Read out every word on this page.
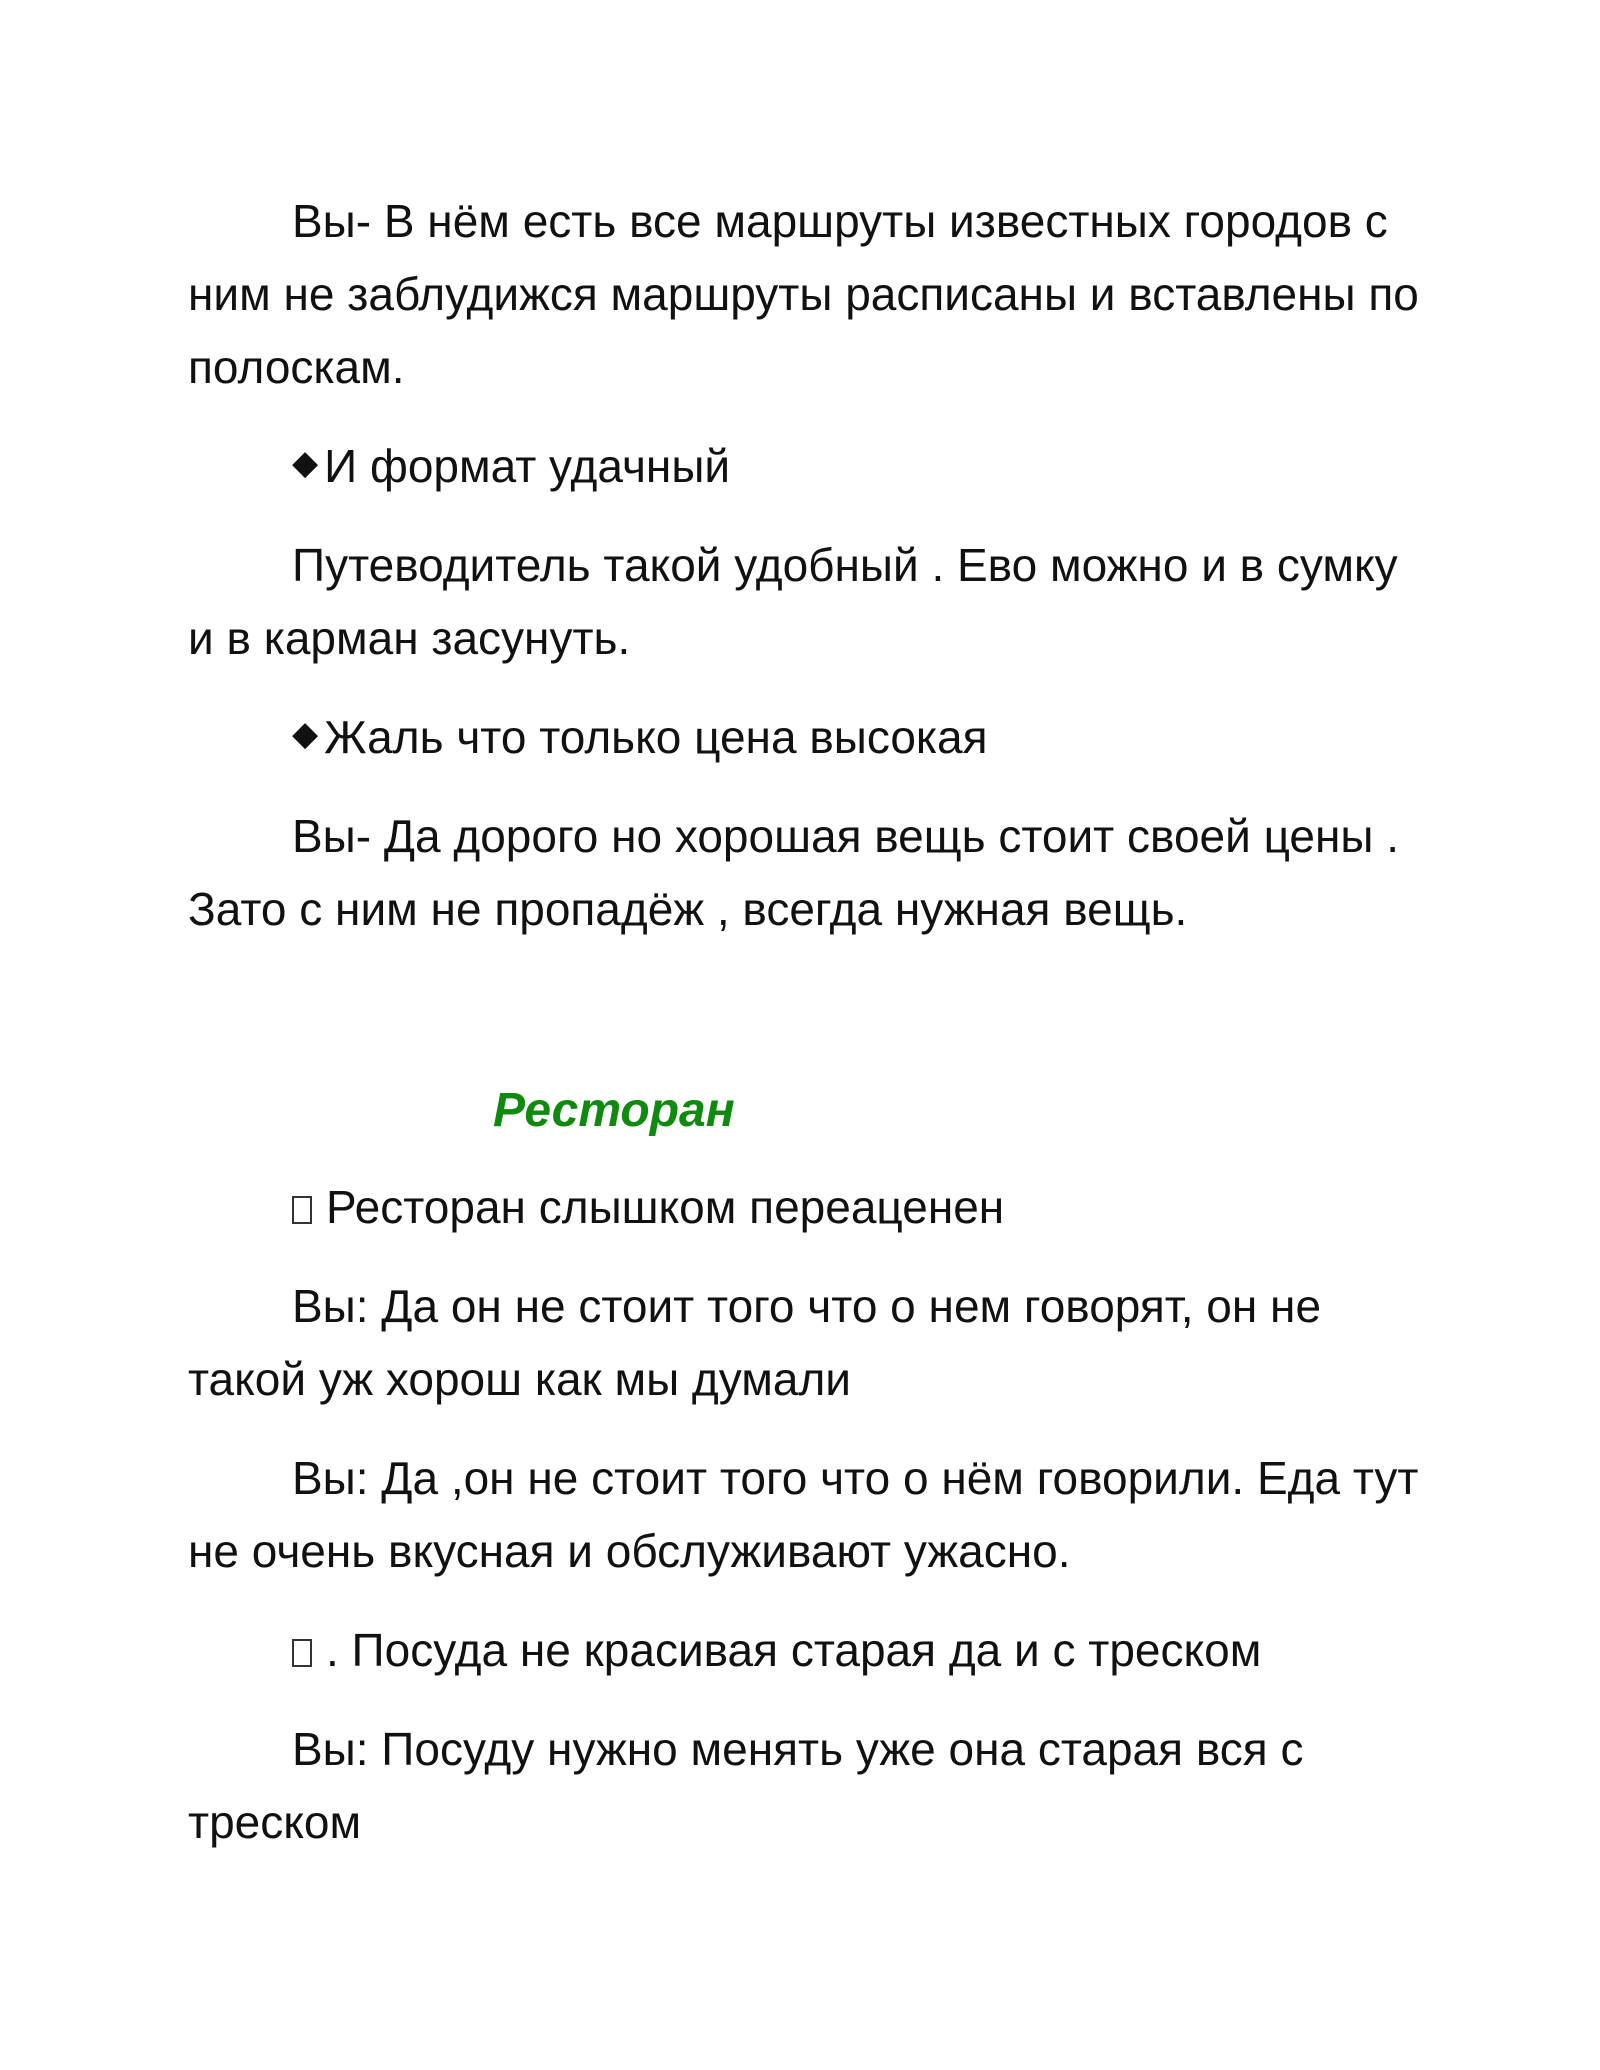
Вы- В нём есть все маршруты известных городов с ним не заблудижся маршруты расписаны и вставлены по полоскам.

◆ И формат удачный

Путеводитель такой удобный . Ево можно и в сумку и в карман засунуть.

◆ Жаль что только цена высокая

Вы- Да дорого но хорошая вещь стоит своей цены . Зато с ним не пропадёж , всегда нужная вещь.

Ресторан
Ресторан слышком переаценен

Вы: Да он не стоит того что о нем говорят, он не такой уж хорош как мы думали

Вы: Да ,он не стоит того что о нём говорили. Еда тут не очень вкусная и обслуживают ужасно.

. Посуда не красивая старая да и с треском

Вы: Посуду нужно менять уже она старая вся с треском
